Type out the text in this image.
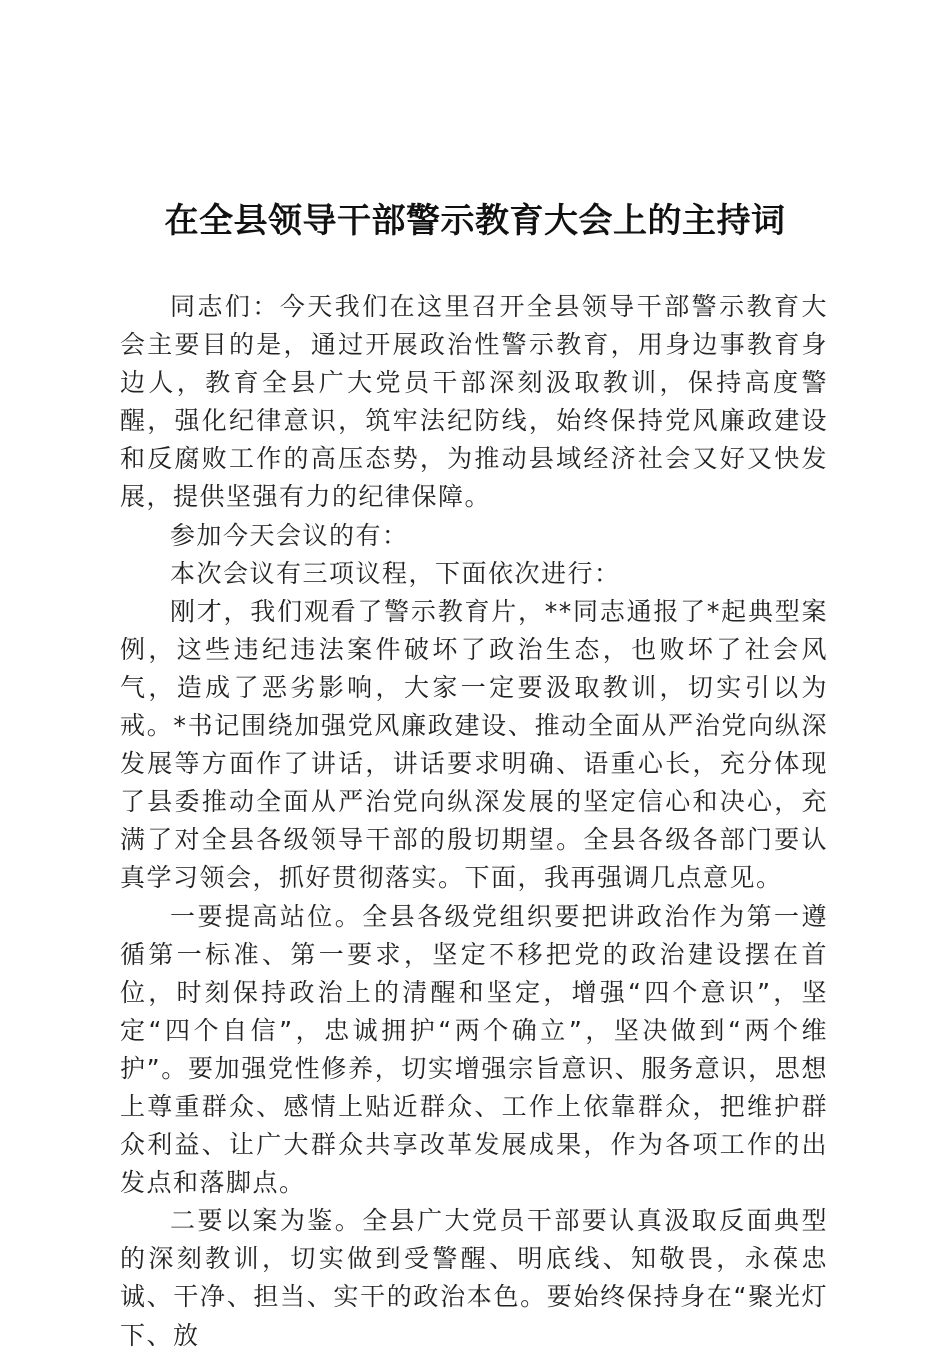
在全县领导干部警示教育大会上的主持词

同志们：今天我们在这里召开全县领导干部警示教育大会主要目的是，通过开展政治性警示教育，用身边事教育身边人，教育全县广大党员干部深刻汲取教训，保持高度警醒，强化纪律意识，筑牢法纪防线，始终保持党风廉政建设和反腐败工作的高压态势，为推动县域经济社会又好又快发展，提供坚强有力的纪律保障。

参加今天会议的有：

本次会议有三项议程，下面依次进行：

刚才，我们观看了警示教育片，**同志通报了*起典型案例，这些违纪违法案件破坏了政治生态，也败坏了社会风气，造成了恶劣影响，大家一定要汲取教训，切实引以为戒。*书记围绕加强党风廉政建设、推动全面从严治党向纵深发展等方面作了讲话，讲话要求明确、语重心长，充分体现了县委推动全面从严治党向纵深发展的坚定信心和决心，充满了对全县各级领导干部的殷切期望。全县各级各部门要认真学习领会，抓好贯彻落实。下面，我再强调几点意见。

一要提高站位。全县各级党组织要把讲政治作为第一遵循第一标准、第一要求，坚定不移把党的政治建设摆在首位，时刻保持政治上的清醒和坚定，增强“四个意识”，坚定“四个自信”，忠诚拥护“两个确立”，坚决做到“两个维护”。要加强党性修养，切实增强宗旨意识、服务意识，思想上尊重群众、感情上贴近群众、工作上依靠群众，把维护群众利益、让广大群众共享改革发展成果，作为各项工作的出发点和落脚点。

二要以案为鉴。全县广大党员干部要认真汲取反面典型的深刻教训，切实做到受警醒、明底线、知敬畏，永葆忠诚、干净、担当、实干的政治本色。要始终保持身在“聚光灯下、放
